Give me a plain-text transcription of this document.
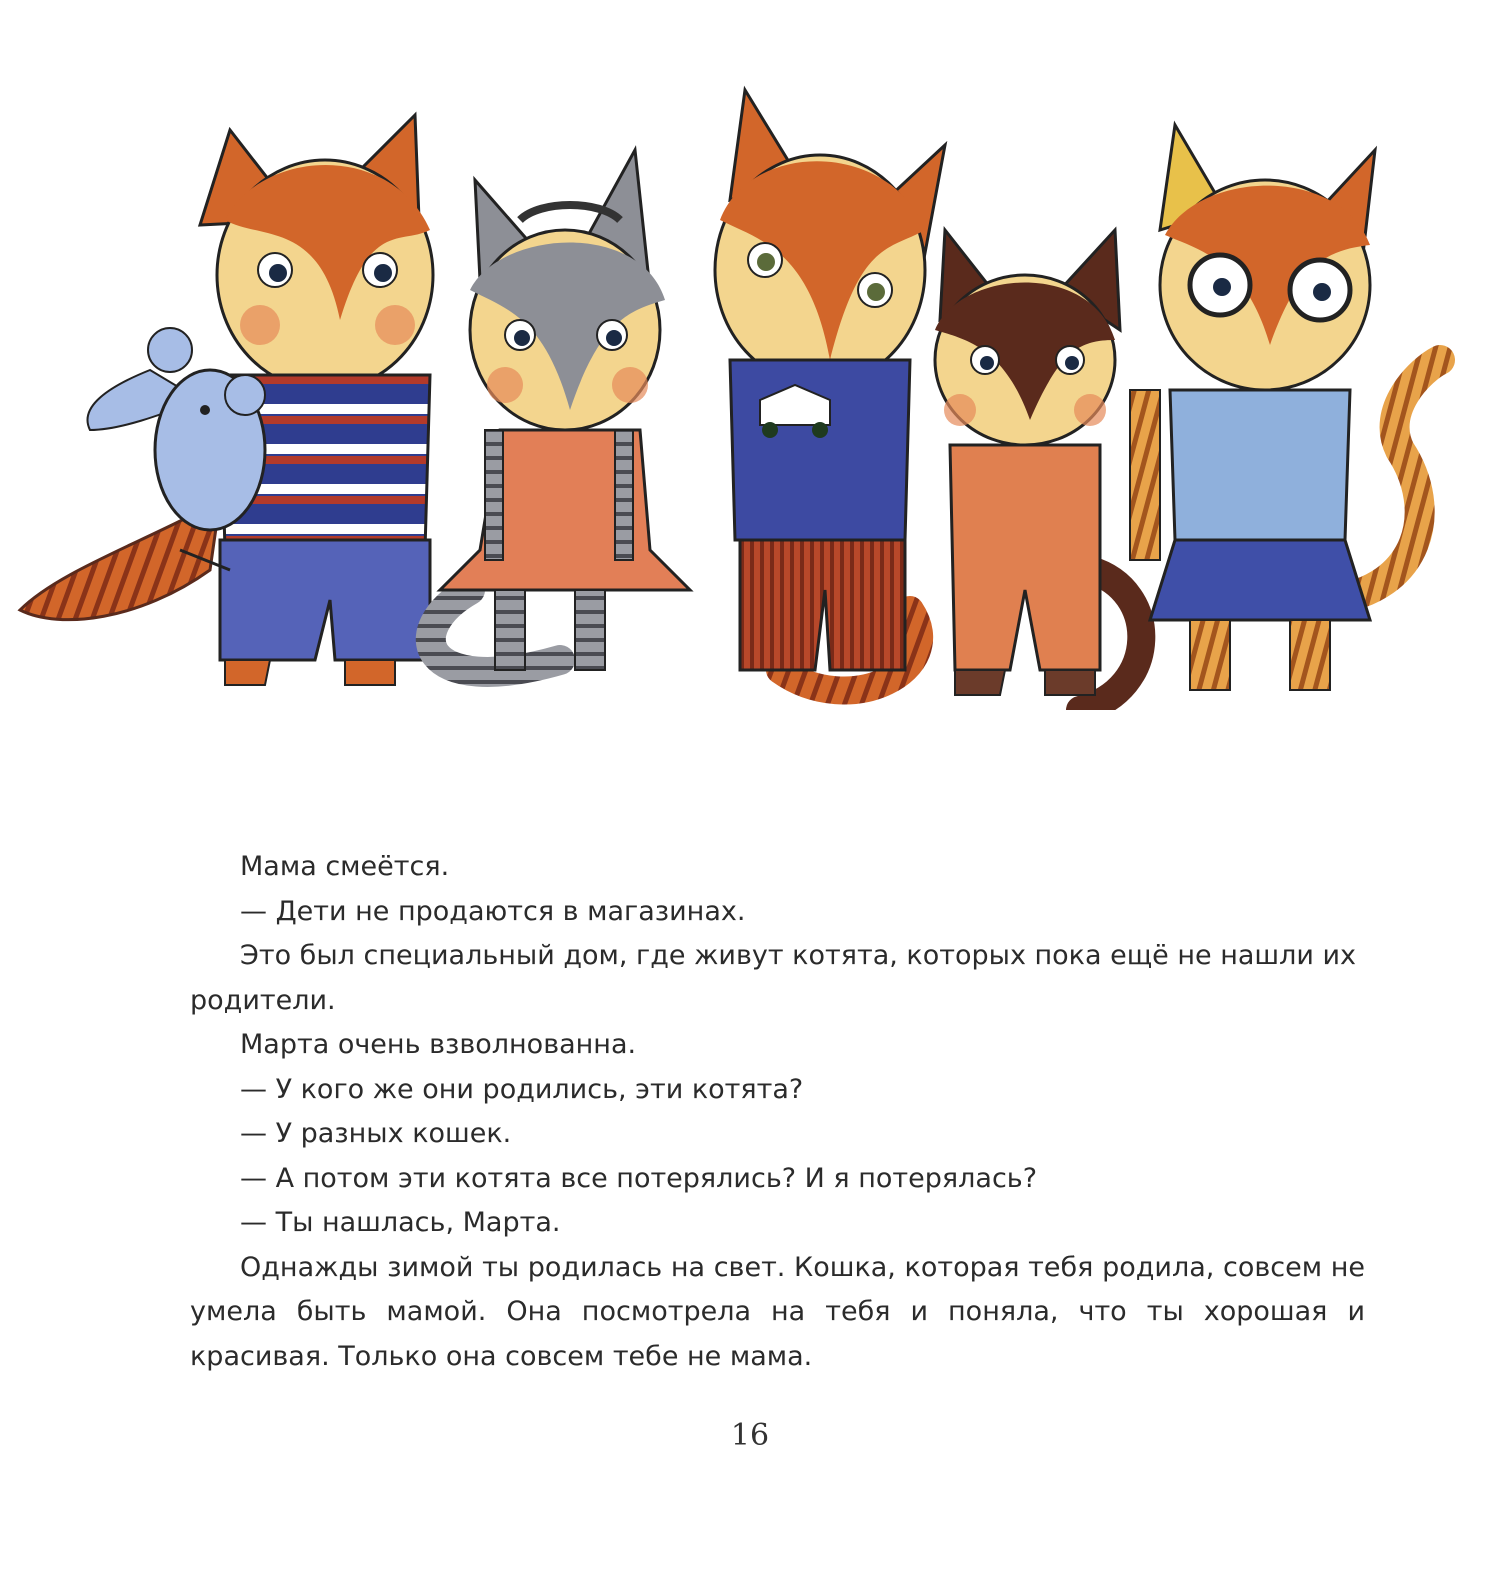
Мама смеётся.

— Дети не продаются в магазинах.

Это был специальный дом, где живут котята, которых пока ещё не нашли их родители.

Марта очень взволнованна.

— У кого же они родились, эти котята?

— У разных кошек.

— А потом эти котята все потерялись? И я потерялась?

— Ты нашлась, Марта.

Однажды зимой ты родилась на свет. Кошка, которая тебя родила, совсем не умела быть мамой. Она посмотрела на тебя и поняла, что ты хорошая и красивая. Только она совсем тебе не мама.

16
